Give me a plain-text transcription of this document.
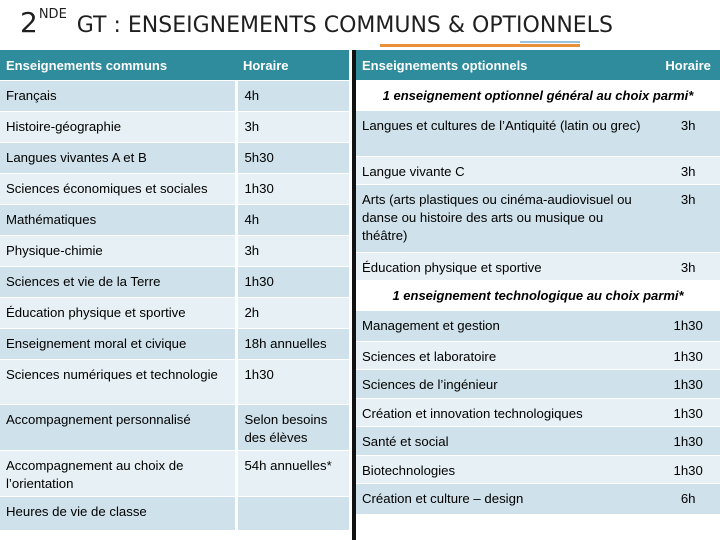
2NDE GT : ENSEIGNEMENTS COMMUNS & OPTIONNELS
Enseignements communs	Horaire
Français	4h
Histoire-géographie	3h
Langues vivantes A et B	5h30
Sciences économiques et sociales	1h30
Mathématiques	4h
Physique-chimie	3h
Sciences et vie de la Terre	1h30
Éducation physique et sportive	2h
Enseignement moral et civique	18h annuelles
Sciences numériques et technologie	1h30
Accompagnement personnalisé	Selon besoins des élèves
Accompagnement au choix de l’orientation	54h annuelles*
Heures de vie de classe	
Enseignements optionnels	Horaire
1 enseignement optionnel général au choix parmi*	
Langues et cultures de l’Antiquité (latin ou grec)	3h
Langue vivante C	3h
Arts (arts plastiques ou cinéma-audiovisuel ou danse ou histoire des arts ou musique ou théâtre)	3h
Éducation physique et sportive	3h
1 enseignement technologique au choix parmi*	
Management et gestion	1h30
Sciences et laboratoire	1h30
Sciences de l’ingénieur	1h30
Création et innovation technologiques	1h30
Santé et social	1h30
Biotechnologies	1h30
Création et culture – design	6h
